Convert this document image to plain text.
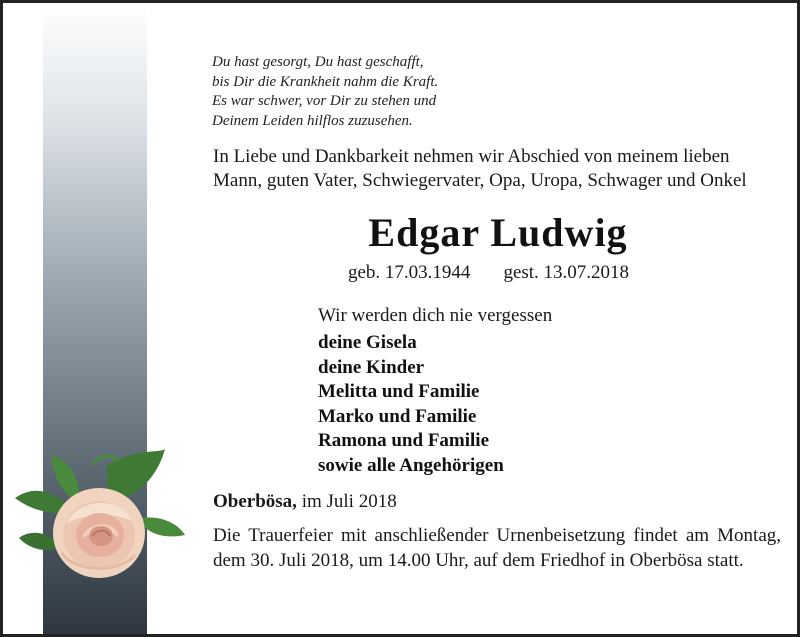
Du hast gesorgt, Du hast geschafft,
bis Dir die Krankheit nahm die Kraft.
Es war schwer, vor Dir zu stehen und
Deinem Leiden hilflos zuzusehen.
In Liebe und Dankbarkeit nehmen wir Abschied von meinem lieben
Mann, guten Vater, Schwiegervater, Opa, Uropa, Schwager und Onkel
Edgar Ludwig
geb. 17.03.1944 gest. 13.07.2018
Wir werden dich nie vergessen
deine Gisela
deine Kinder
Melitta und Familie
Marko und Familie
Ramona und Familie
sowie alle Angehörigen
Oberbösa, im Juli 2018
Die Trauerfeier mit anschließender Urnenbeisetzung findet am Montag, dem 30. Juli 2018, um 14.00 Uhr, auf dem Friedhof in Oberbösa statt.
